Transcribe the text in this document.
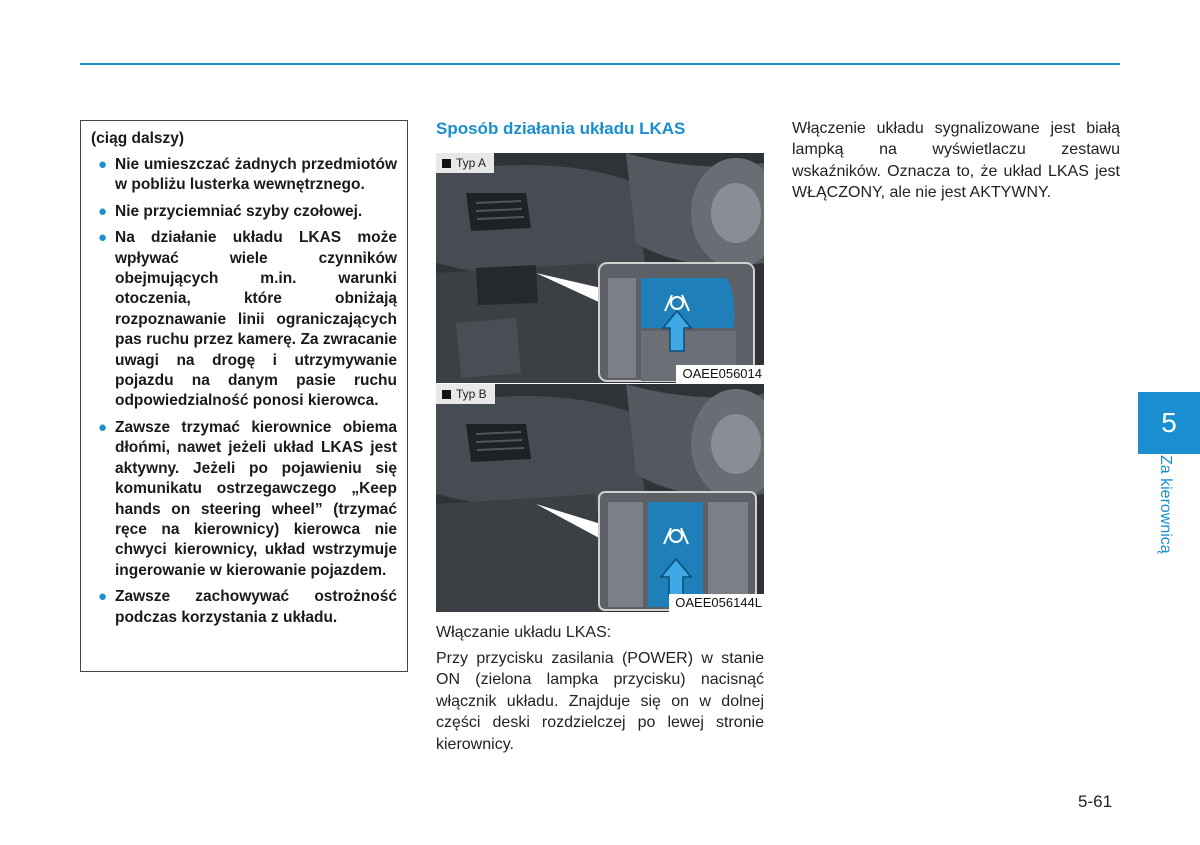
(ciąg dalszy)
● Nie umieszczać żadnych przedmiotów w pobliżu lusterka wewnętrznego.
● Nie przyciemniać szyby czołowej.
● Na działanie układu LKAS może wpływać wiele czynników obejmujących m.in. warunki otoczenia, które obniżają rozpoznawanie linii ograniczających pas ruchu przez kamerę. Za zwracanie uwagi na drogę i utrzymywanie pojazdu na danym pasie ruchu odpowiedzialność ponosi kierowca.
● Zawsze trzymać kierownice obiema dłońmi, nawet jeżeli układ LKAS jest aktywny. Jeżeli po pojawieniu się komunikatu ostrzegawczego „Keep hands on steering wheel” (trzymać ręce na kierownicy) kierowca nie chwyci kierownicy, układ wstrzymuje ingerowanie w kierowanie pojazdem.
● Zawsze zachowywać ostrożność podczas korzystania z układu.
Sposób działania układu LKAS
Typ A
OAEE056014
Typ B
OAEE056144L
Włączanie układu LKAS:
Przy przycisku zasilania (POWER) w stanie ON (zielona lampka przycisku) nacisnąć włącznik układu. Znajduje się on w dolnej części deski rozdzielczej po lewej stronie kierownicy.
Włączenie układu sygnalizowane jest białą lampką na wyświetlaczu zestawu wskaźników. Oznacza to, że układ LKAS jest WŁĄCZONY, ale nie jest AKTYWNY.
5
Za kierownicą
5-61
